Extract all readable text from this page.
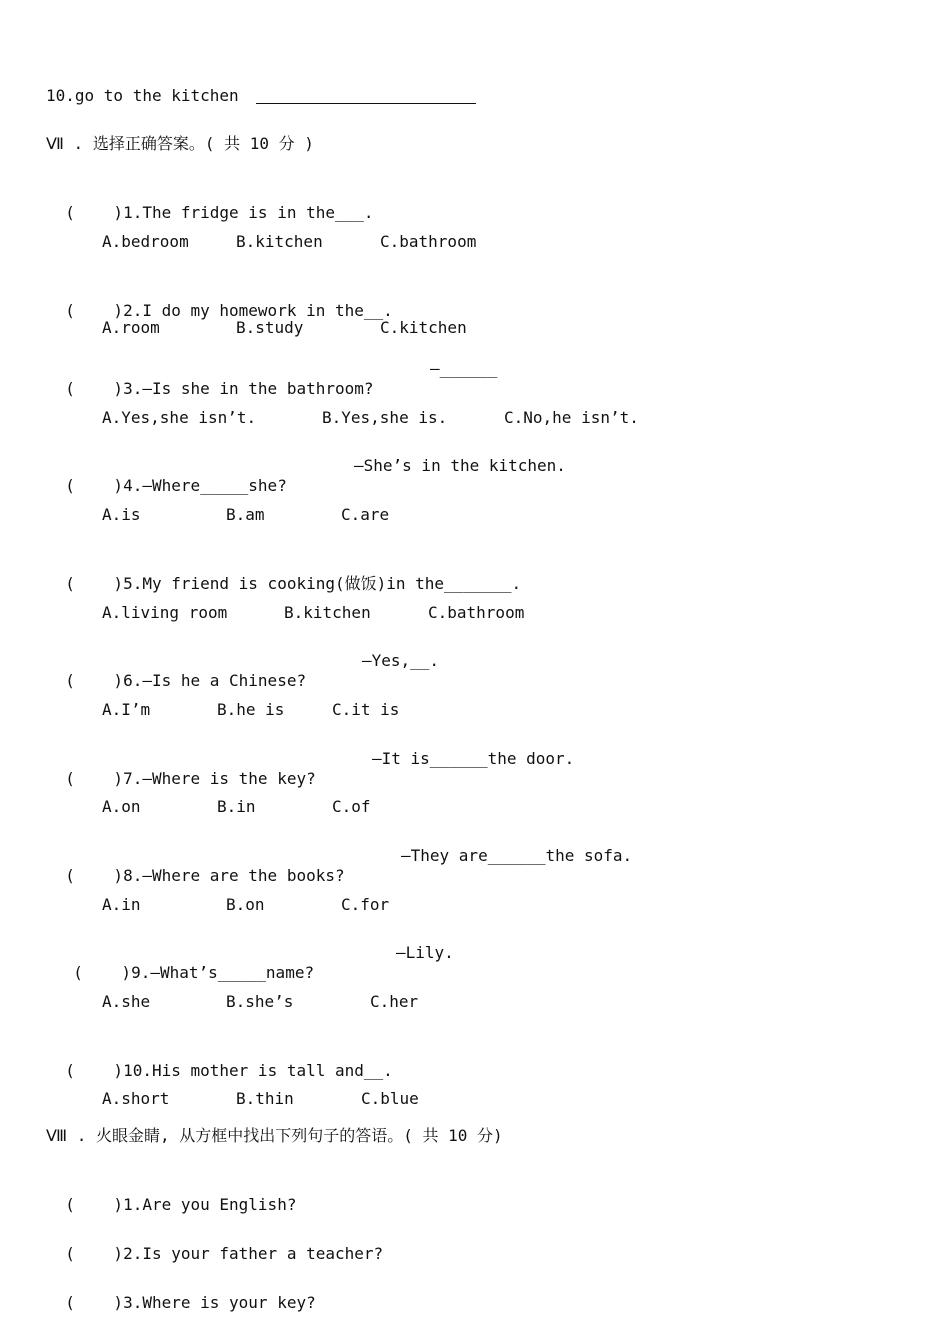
10.go to the kitchen
Ⅶ . 选择正确答案。( 共 10 分 )

(    )1.The fridge is in the___.

A.bedroom	B.kitchen	C.bathroom

(    )2.I do my homework in the__.

A.room	B.study	C.kitchen

(    )3.—Is she in the bathroom?

—______
A.Yes,she isn’t.	B.Yes,she is.	C.No,he isn’t.

(    )4.—Where_____she?

—She’s in the kitchen.
A.is	B.am	C.are

(    )5.My friend is cooking(做饭)in the_______.

A.living room	B.kitchen	C.bathroom

(    )6.—Is he a Chinese?

—Yes,__.
A.I’m	B.he is	C.it is

(    )7.—Where is the key?

—It is______the door.
A.on	B.in	C.of

(    )8.—Where are the books?

—They are______the sofa.
A.in	B.on	C.for

(    )9.—What’s_____name?

—Lily.
A.she	B.she’s	C.her

(    )10.His mother is tall and__.

A.short	B.thin	C.blue
Ⅷ . 火眼金睛, 从方框中找出下列句子的答语。( 共 10 分)

(    )1.Are you English?

(    )2.Is your father a teacher?

(    )3.Where is your key?
